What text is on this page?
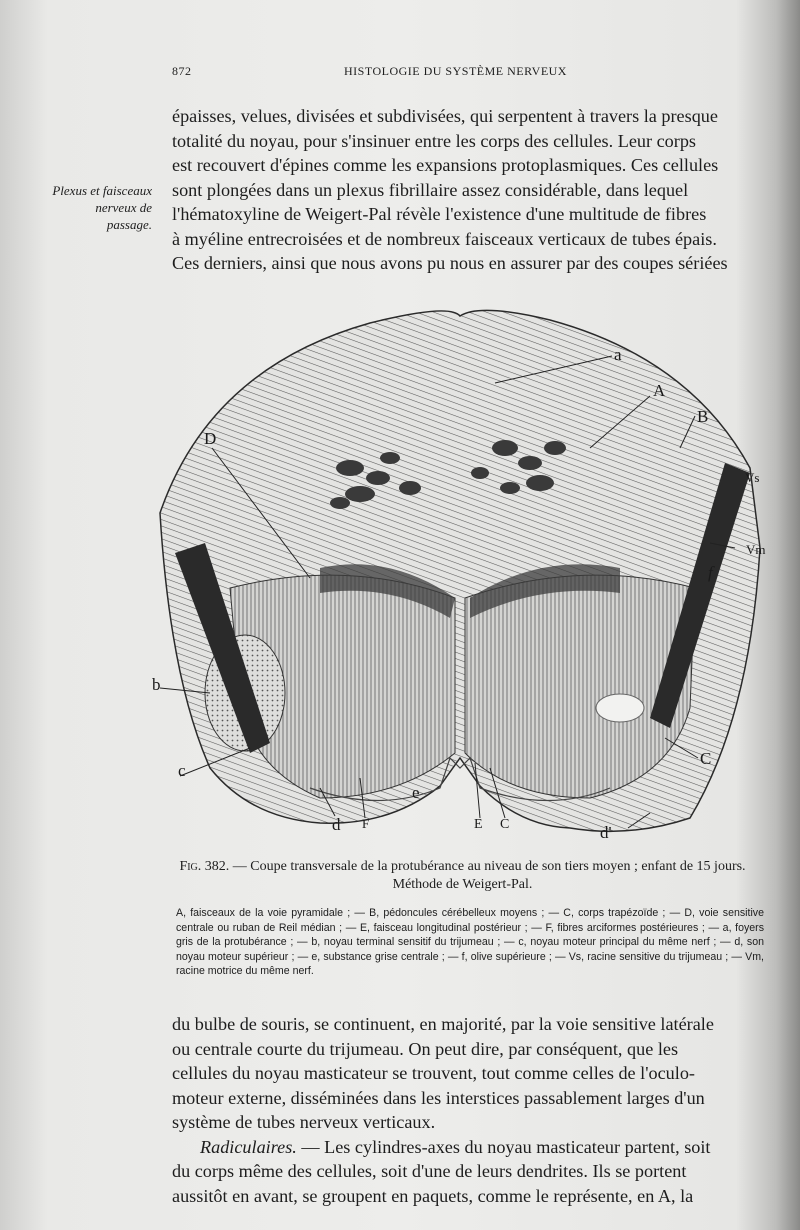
872	HISTOLOGIE DU SYSTÈME NERVEUX
Plexus et faisceaux nerveux de passage.

épaisses, velues, divisées et subdivisées, qui serpentent à travers la presque

totalité du noyau, pour s'insinuer entre les corps des cellules. Leur corps

est recouvert d'épines comme les expansions protoplasmiques. Ces cellules

sont plongées dans un plexus fibrillaire assez considérable, dans lequel

l'hématoxyline de Weigert-Pal révèle l'existence d'une multitude de fibres

à myéline entrecroisées et de nombreux faisceaux verticaux de tubes épais.

Ces derniers, ainsi que nous avons pu nous en assurer par des coupes sériées

a
A
B
D
Vs
Vm
f
b
c
C
e
d F	E C	d'
Fig. 382. — Coupe transversale de la protubérance au niveau de son tiers moyen ; enfant de 15 jours. Méthode de Weigert-Pal.
A, faisceaux de la voie pyramidale ; — B, pédoncules cérébelleux moyens ; — C, corps trapézoïde ; — D, voie sensitive centrale ou ruban de Reil médian ; — E, faisceau longitudinal postérieur ; — F, fibres arciformes postérieures ; — a, foyers gris de la protubérance ; — b, noyau terminal sensitif du trijumeau ; — c, noyau moteur principal du même nerf ; — d, son noyau moteur supérieur ; — e, substance grise centrale ; — f, olive supérieure ; — Vs, racine sensitive du trijumeau ; — Vm, racine motrice du même nerf.

du bulbe de souris, se continuent, en majorité, par la voie sensitive latérale

ou centrale courte du trijumeau. On peut dire, par conséquent, que les

cellules du noyau masticateur se trouvent, tout comme celles de l'oculo-

moteur externe, disséminées dans les interstices passablement larges d'un

système de tubes nerveux verticaux.

Radiculaires. — Les cylindres-axes du noyau masticateur partent, soit

du corps même des cellules, soit d'une de leurs dendrites. Ils se portent

aussitôt en avant, se groupent en paquets, comme le représente, en A, la
